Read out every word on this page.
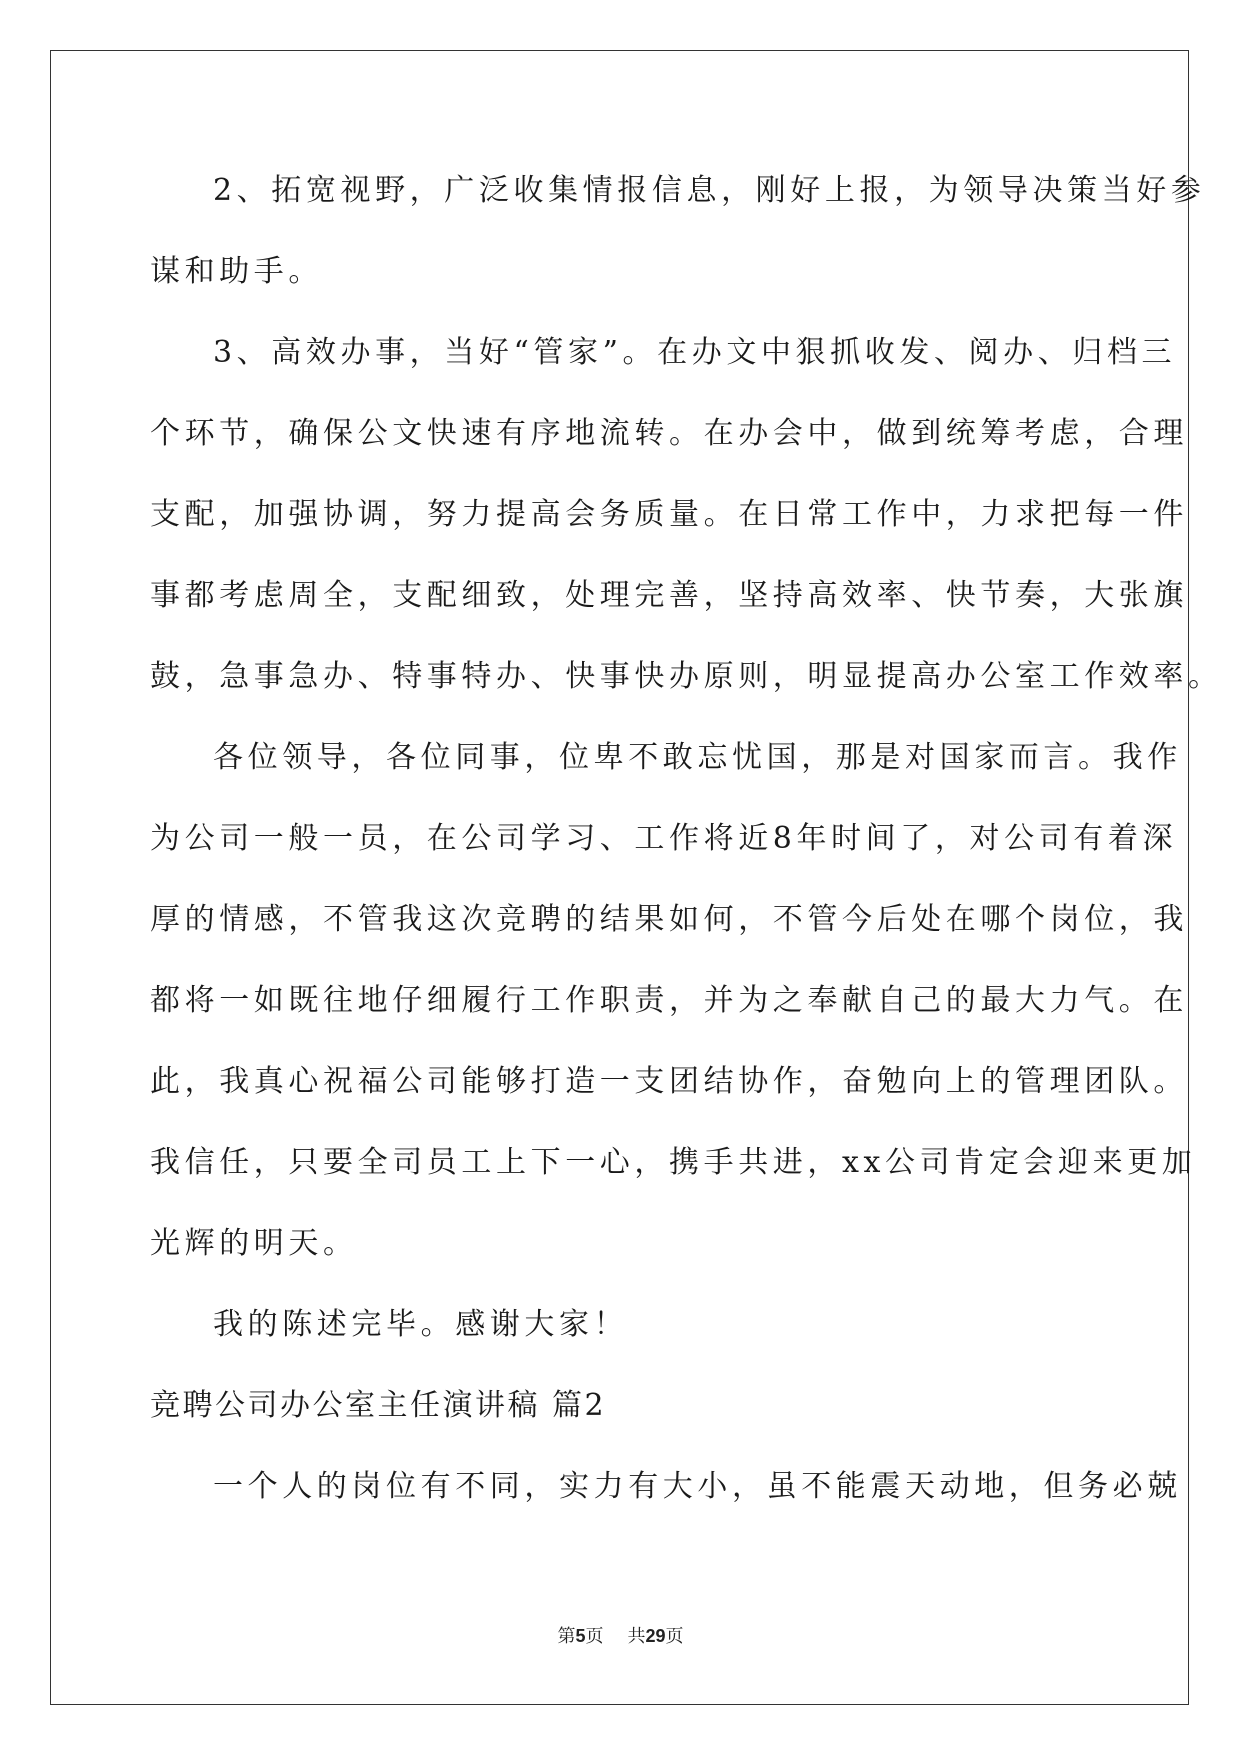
2、拓宽视野，广泛收集情报信息，刚好上报，为领导决策当好参
谋和助手。
3、高效办事，当好“管家”。在办文中狠抓收发、阅办、归档三
个环节，确保公文快速有序地流转。在办会中，做到统筹考虑，合理
支配，加强协调，努力提高会务质量。在日常工作中，力求把每一件
事都考虑周全，支配细致，处理完善，坚持高效率、快节奏，大张旗
鼓，急事急办、特事特办、快事快办原则，明显提高办公室工作效率。
各位领导，各位同事，位卑不敢忘忧国，那是对国家而言。我作
为公司一般一员，在公司学习、工作将近8年时间了，对公司有着深
厚的情感，不管我这次竞聘的结果如何，不管今后处在哪个岗位，我
都将一如既往地仔细履行工作职责，并为之奉献自己的最大力气。在
此，我真心祝福公司能够打造一支团结协作，奋勉向上的管理团队。
我信任，只要全司员工上下一心，携手共进，xx公司肯定会迎来更加
光辉的明天。
我的陈述完毕。感谢大家！
竞聘公司办公室主任演讲稿 篇2
一个人的岗位有不同，实力有大小，虽不能震天动地，但务必兢
第5页 共29页
